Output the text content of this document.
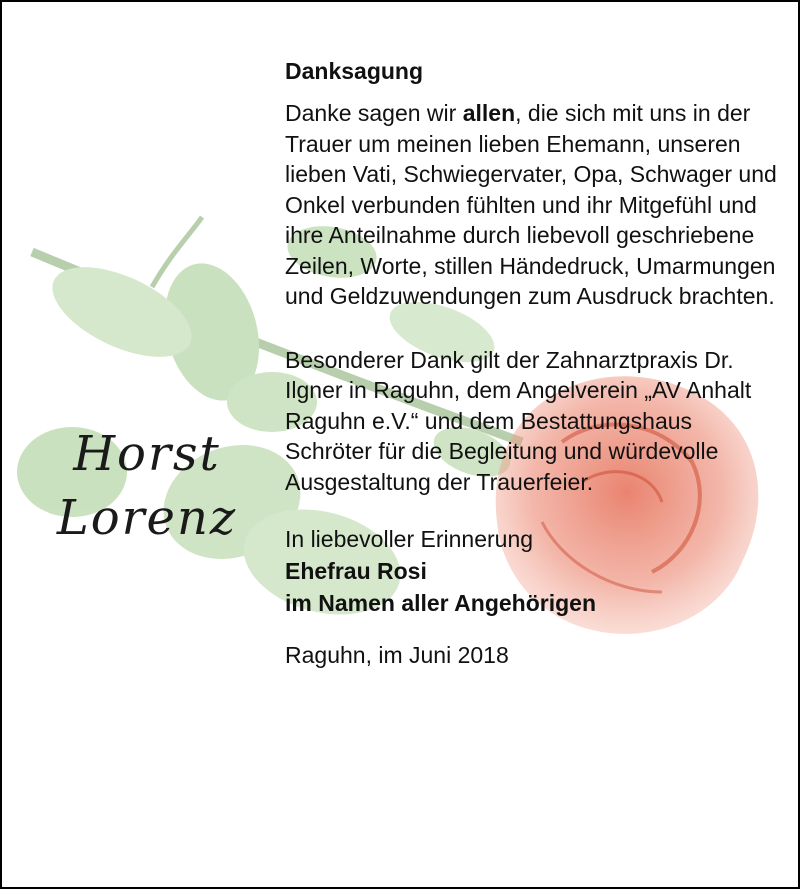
Horst
Lorenz

Danksagung

Danke sagen wir allen, die sich mit uns in der Trauer um meinen lieben Ehemann, unseren lieben Vati, Schwiegervater, Opa, Schwager und Onkel verbunden fühlten und ihr Mitgefühl und ihre Anteilnahme durch liebevoll geschriebene Zeilen, Worte, stillen Händedruck, Umarmungen und Geldzuwendungen zum Ausdruck brachten.

Besonderer Dank gilt der Zahnarztpraxis Dr. Ilgner in Raguhn, dem Angelverein „AV Anhalt Raguhn e.V.“ und dem Bestattungshaus Schröter für die Begleitung und würdevolle Ausgestaltung der Trauerfeier.

In liebevoller Erinnerung

Ehefrau Rosi

im Namen aller Angehörigen

Raguhn, im Juni 2018
